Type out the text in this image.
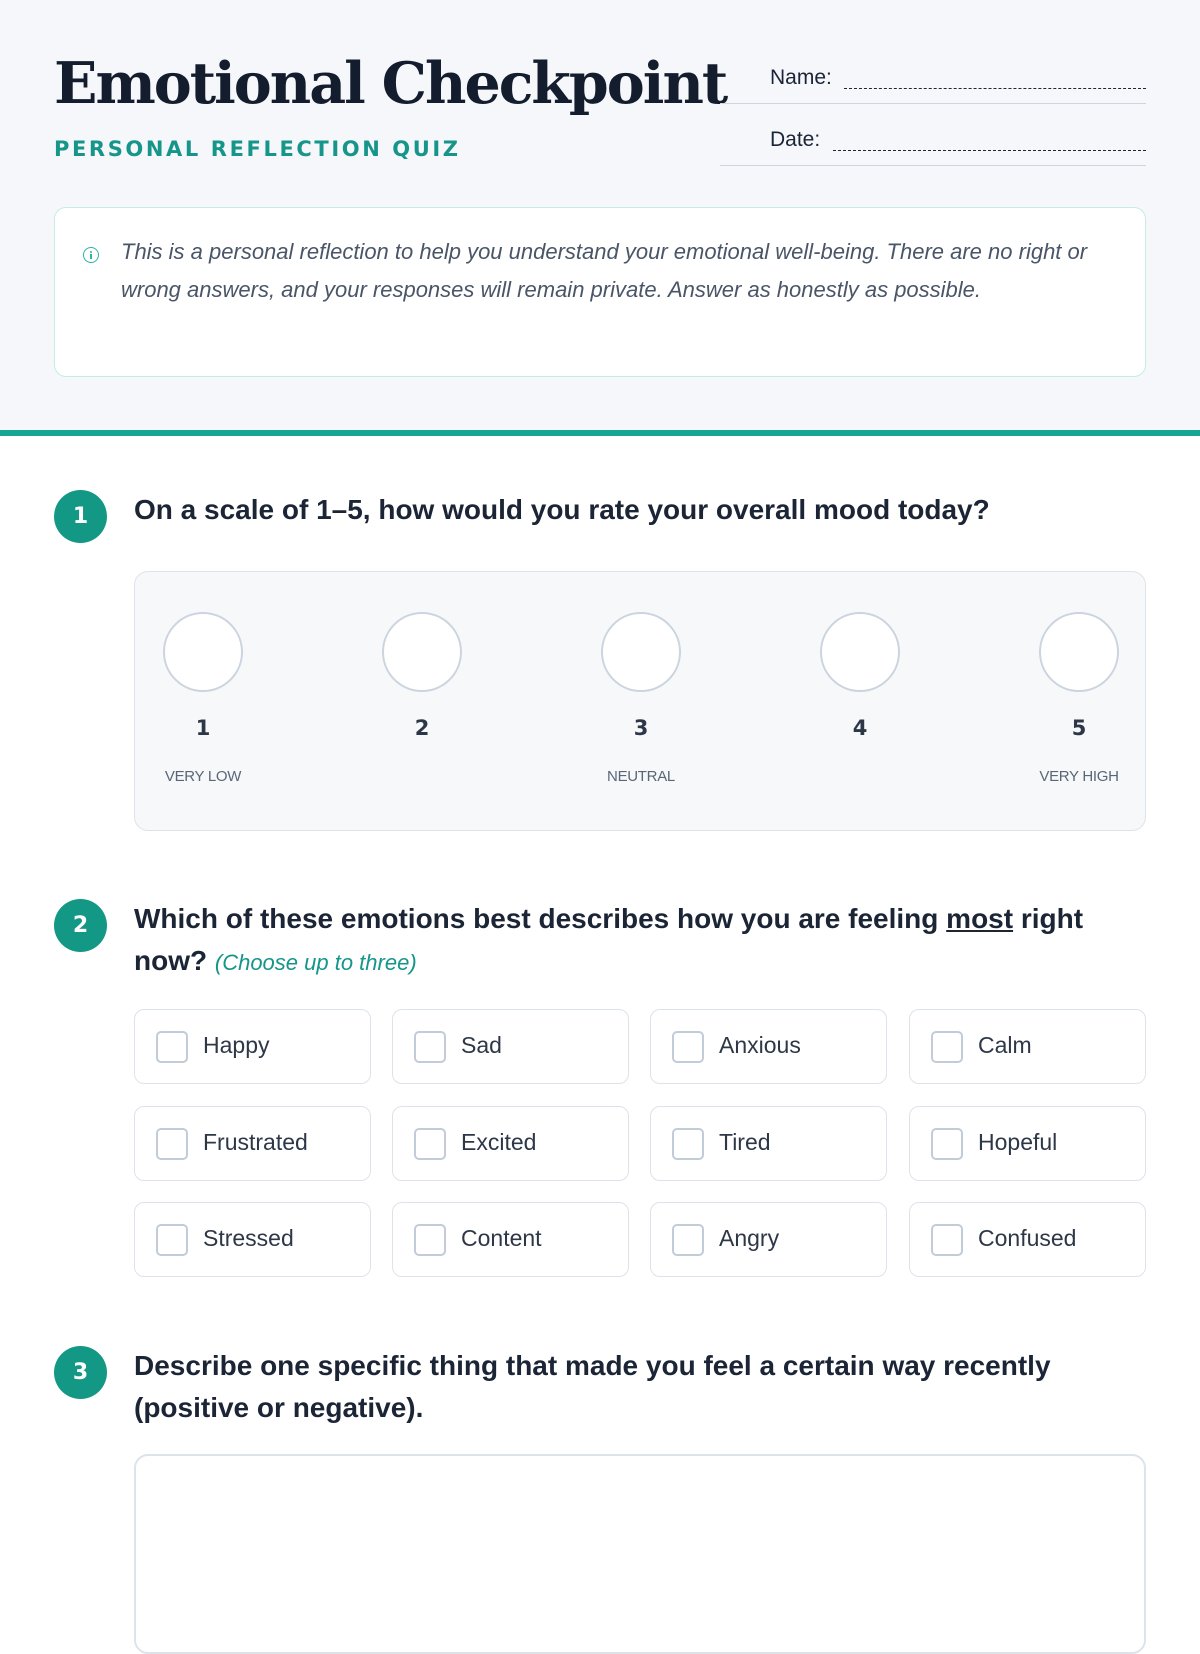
Emotional Checkpoint
PERSONAL REFLECTION QUIZ
Name:
Date:

This is a personal reflection to help you understand your emotional well-being. There are no right or wrong answers, and your responses will remain private. Answer as honestly as possible.

1	On a scale of 1–5, how would you rate your overall mood today?
1
VERY LOW
2	3
NEUTRAL
4	5
VERY HIGH
2	Which of these emotions best describes how you are feeling most right now? (Choose up to three)
Happy	Sad	Anxious	Calm
Frustrated	Excited	Tired	Hopeful
Stressed	Content	Angry	Confused
3	Describe one specific thing that made you feel a certain way recently (positive or negative).
